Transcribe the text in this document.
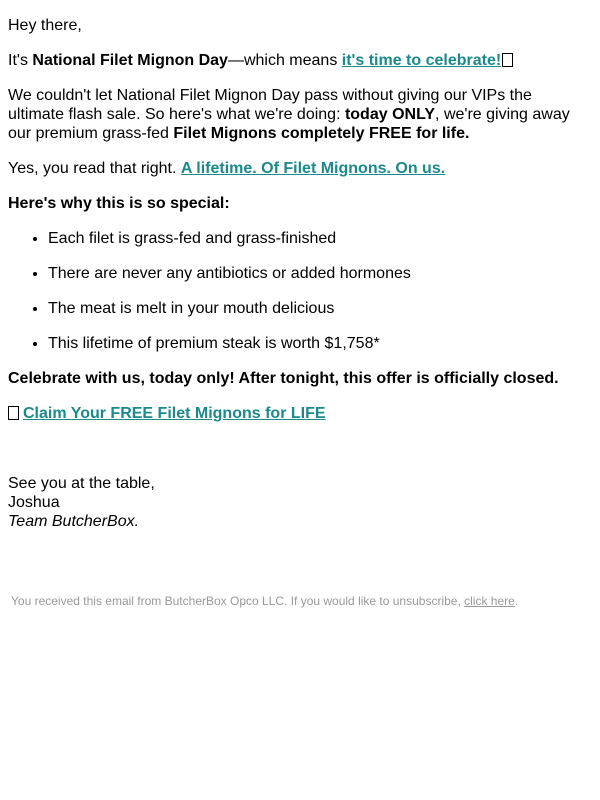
Hey there,

It's National Filet Mignon Day—which means it's time to celebrate!

We couldn't let National Filet Mignon Day pass without giving our VIPs the ultimate flash sale. So here's what we're doing: today ONLY, we're giving away our premium grass-fed Filet Mignons completely FREE for life.

Yes, you read that right. A lifetime. Of Filet Mignons. On us.

Here's why this is so special:

• Each filet is grass-fed and grass-finished
• There are never any antibiotics or added hormones
• The meat is melt in your mouth delicious
• This lifetime of premium steak is worth $1,758*

Celebrate with us, today only! After tonight, this offer is officially closed.

Claim Your FREE Filet Mignons for LIFE

See you at the table,

Joshua

Team ButcherBox.

You received this email from ButcherBox Opco LLC. If you would like to unsubscribe, click here.
